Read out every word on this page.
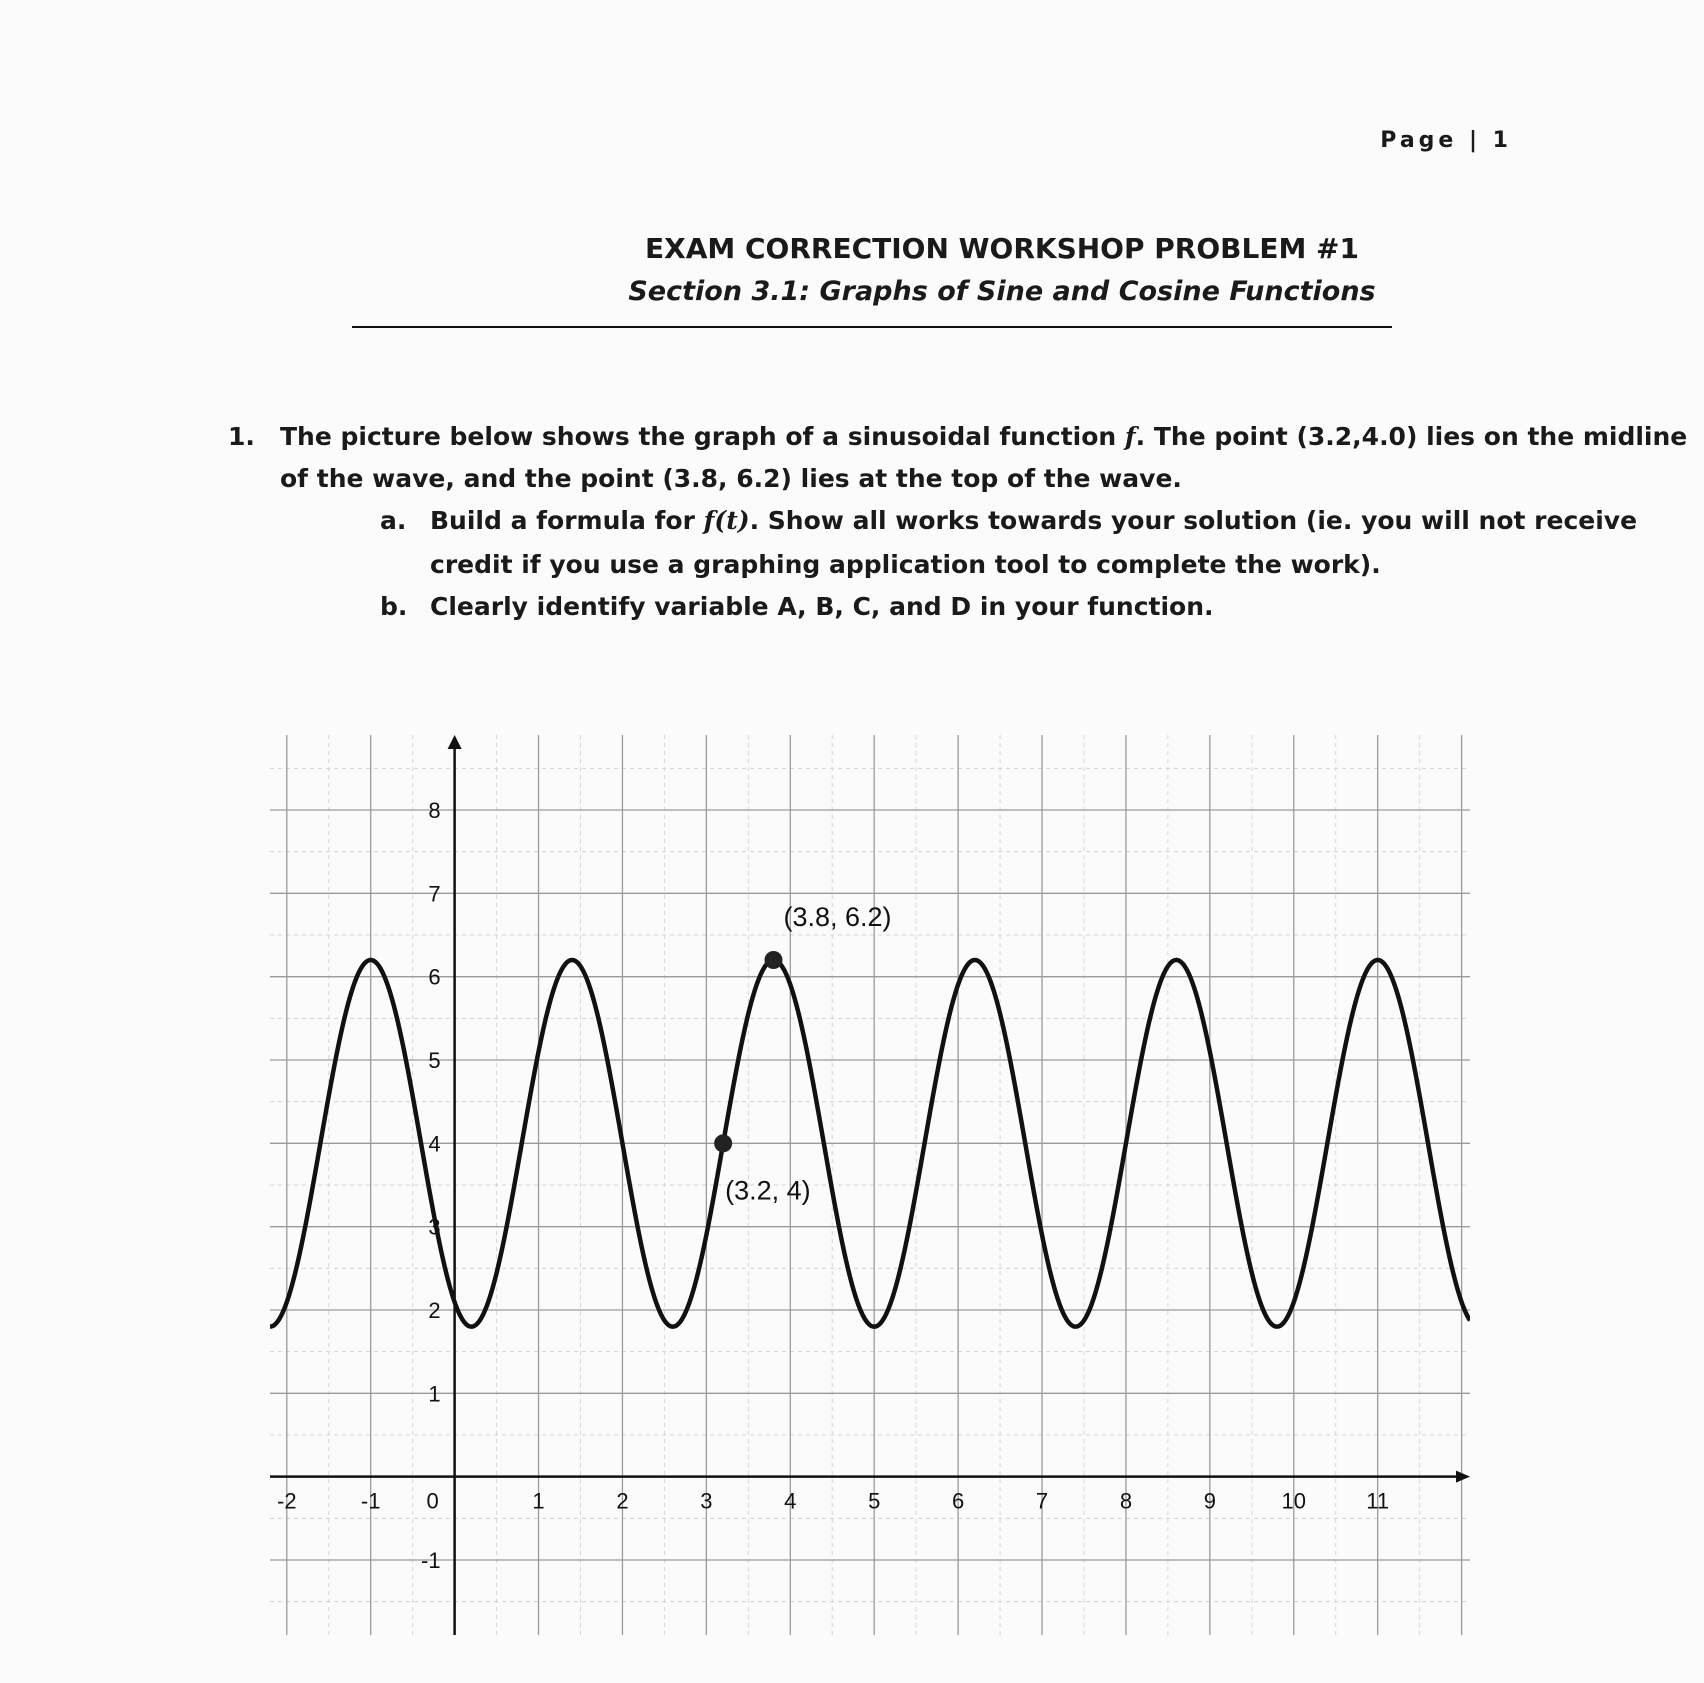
Page | 1
EXAM CORRECTION WORKSHOP PROBLEM #1
Section 3.1: Graphs of Sine and Cosine Functions
1. The picture below shows the graph of a sinusoidal function f. The point (3.2,4.0) lies on the midline
of the wave, and the point (3.8, 6.2) lies at the top of the wave.
a. Build a formula for f(t). Show all works towards your solution (ie. you will not receive
credit if you use a graphing application tool to complete the work).
b. Clearly identify variable A, B, C, and D in your function.
-2	-1 0	1	2	3	4	5	6	7	8	9	10	11
-1
1
2
3
4
5
6
7
8
(3.8, 6.2)
(3.2, 4)
